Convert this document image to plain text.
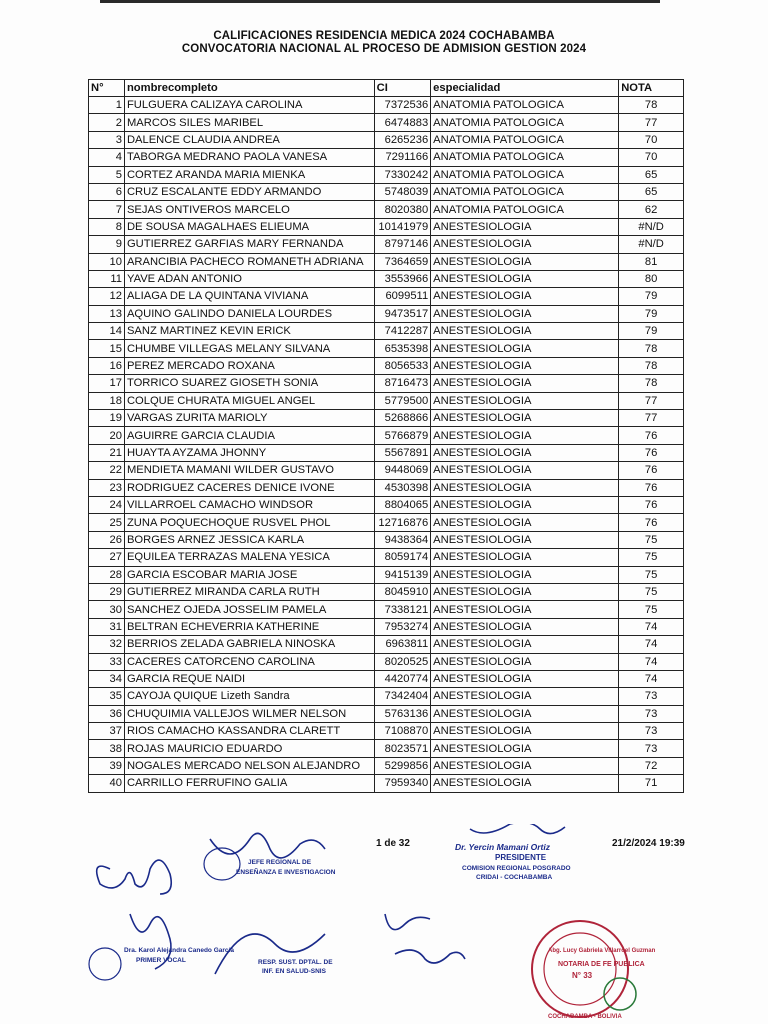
CALIFICACIONES RESIDENCIA MEDICA 2024 COCHABAMBA
CONVOCATORIA NACIONAL AL PROCESO DE ADMISION GESTION 2024
N°	nombrecompleto	CI	especialidad	NOTA
1	FULGUERA CALIZAYA CAROLINA	7372536	ANATOMIA PATOLOGICA	78
2	MARCOS SILES MARIBEL	6474883	ANATOMIA PATOLOGICA	77
3	DALENCE CLAUDIA ANDREA	6265236	ANATOMIA PATOLOGICA	70
4	TABORGA MEDRANO PAOLA VANESA	7291166	ANATOMIA PATOLOGICA	70
5	CORTEZ ARANDA MARIA MIENKA	7330242	ANATOMIA PATOLOGICA	65
6	CRUZ ESCALANTE EDDY ARMANDO	5748039	ANATOMIA PATOLOGICA	65
7	SEJAS ONTIVEROS MARCELO	8020380	ANATOMIA PATOLOGICA	62
8	DE SOUSA MAGALHAES ELIEUMA	10141979	ANESTESIOLOGIA	#N/D
9	GUTIERREZ GARFIAS MARY FERNANDA	8797146	ANESTESIOLOGIA	#N/D
10	ARANCIBIA PACHECO ROMANETH ADRIANA	7364659	ANESTESIOLOGIA	81
11	YAVE ADAN ANTONIO	3553966	ANESTESIOLOGIA	80
12	ALIAGA DE LA QUINTANA VIVIANA	6099511	ANESTESIOLOGIA	79
13	AQUINO GALINDO DANIELA LOURDES	9473517	ANESTESIOLOGIA	79
14	SANZ MARTINEZ KEVIN ERICK	7412287	ANESTESIOLOGIA	79
15	CHUMBE VILLEGAS MELANY SILVANA	6535398	ANESTESIOLOGIA	78
16	PEREZ MERCADO ROXANA	8056533	ANESTESIOLOGIA	78
17	TORRICO SUAREZ GIOSETH SONIA	8716473	ANESTESIOLOGIA	78
18	COLQUE CHURATA MIGUEL ANGEL	5779500	ANESTESIOLOGIA	77
19	VARGAS ZURITA MARIOLY	5268866	ANESTESIOLOGIA	77
20	AGUIRRE GARCIA CLAUDIA	5766879	ANESTESIOLOGIA	76
21	HUAYTA AYZAMA JHONNY	5567891	ANESTESIOLOGIA	76
22	MENDIETA MAMANI WILDER GUSTAVO	9448069	ANESTESIOLOGIA	76
23	RODRIGUEZ CACERES DENICE IVONE	4530398	ANESTESIOLOGIA	76
24	VILLARROEL CAMACHO WINDSOR	8804065	ANESTESIOLOGIA	76
25	ZUNA POQUECHOQUE RUSVEL PHOL	12716876	ANESTESIOLOGIA	76
26	BORGES ARNEZ JESSICA KARLA	9438364	ANESTESIOLOGIA	75
27	EQUILEA TERRAZAS MALENA YESICA	8059174	ANESTESIOLOGIA	75
28	GARCIA ESCOBAR MARIA JOSE	9415139	ANESTESIOLOGIA	75
29	GUTIERREZ MIRANDA CARLA RUTH	8045910	ANESTESIOLOGIA	75
30	SANCHEZ OJEDA JOSSELIM PAMELA	7338121	ANESTESIOLOGIA	75
31	BELTRAN ECHEVERRIA KATHERINE	7953274	ANESTESIOLOGIA	74
32	BERRIOS ZELADA GABRIELA NINOSKA	6963811	ANESTESIOLOGIA	74
33	CACERES CATORCENO CAROLINA	8020525	ANESTESIOLOGIA	74
34	GARCIA REQUE NAIDI	4420774	ANESTESIOLOGIA	74
35	CAYOJA QUIQUE Lizeth Sandra	7342404	ANESTESIOLOGIA	73
36	CHUQUIMIA VALLEJOS WILMER NELSON	5763136	ANESTESIOLOGIA	73
37	RIOS CAMACHO KASSANDRA CLARETT	7108870	ANESTESIOLOGIA	73
38	ROJAS MAURICIO EDUARDO	8023571	ANESTESIOLOGIA	73
39	NOGALES MERCADO NELSON ALEJANDRO	5299856	ANESTESIOLOGIA	72
40	CARRILLO FERRUFINO GALIA	7959340	ANESTESIOLOGIA	71
1 de 32	21/2/2024 19:39
JEFE REGIONAL DE
ENSEÑANZA E INVESTIGACION
Dr. Yercin Mamani Ortiz
PRESIDENTE
COMISION REGIONAL POSGRADO
CRIDAI - COCHABAMBA
Dra. Karol Alejandra Canedo García
PRIMER VOCAL	RESP. SUST. DPTAL. DE
INF. EN SALUD-SNIS
Abg. Lucy Gabriela Villarroel Guzman
NOTARIA DE FE PUBLICA
N° 33
COCHABAMBA - BOLIVIA
